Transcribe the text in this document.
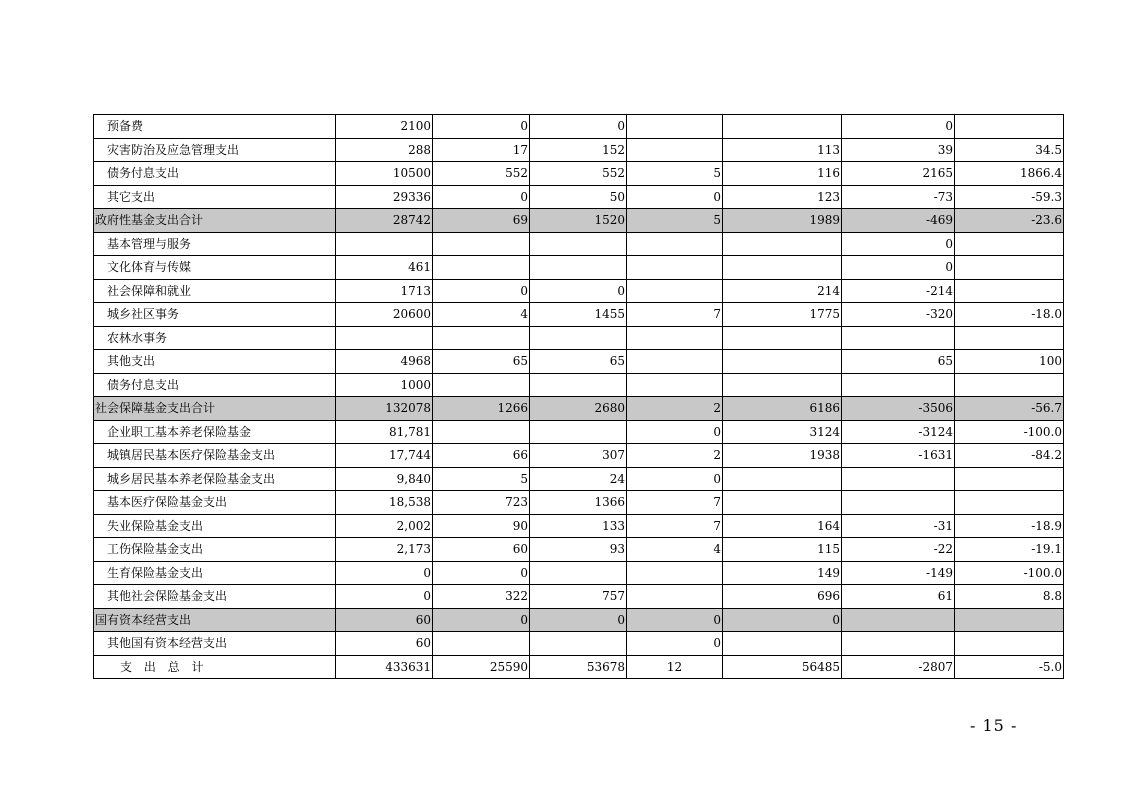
预备费	2100	0	0			0	
灾害防治及应急管理支出	288	17	152		113	39	34.5
债务付息支出	10500	552	552	5	116	2165	1866.4
其它支出	29336	0	50	0	123	-73	-59.3
政府性基金支出合计	28742	69	1520	5	1989	-469	-23.6
基本管理与服务						0	
文化体育与传媒	461					0	
社会保障和就业	1713	0	0		214	-214	
城乡社区事务	20600	4	1455	7	1775	-320	-18.0
农林水事务							
其他支出	4968	65	65			65	100
债务付息支出	1000						
社会保障基金支出合计	132078	1266	2680	2	6186	-3506	-56.7
企业职工基本养老保险基金	81,781			0	3124	-3124	-100.0
城镇居民基本医疗保险基金支出	17,744	66	307	2	1938	-1631	-84.2
城乡居民基本养老保险基金支出	9,840	5	24	0			
基本医疗保险基金支出	18,538	723	1366	7			
失业保险基金支出	2,002	90	133	7	164	-31	-18.9
工伤保险基金支出	2,173	60	93	4	115	-22	-19.1
生育保险基金支出	0	0			149	-149	-100.0
其他社会保险基金支出	0	322	757		696	61	8.8
国有资本经营支出	60	0	0	0	0		
其他国有资本经营支出	60			0			
支 出 总 计	433631	25590	53678	12	56485	-2807	-5.0
- 15 -
